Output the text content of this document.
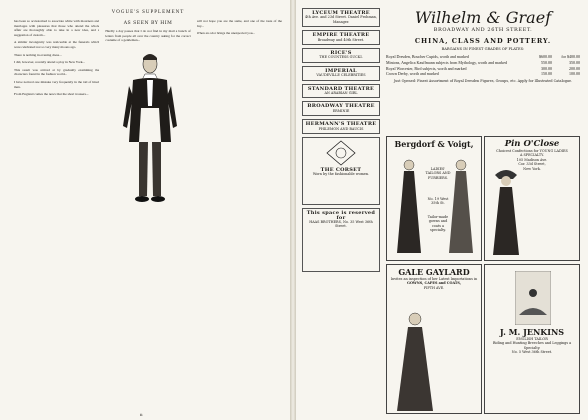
VOGUE'S SUPPLEMENT

has been so accustomed to associate white with mourners and marriages with pleasures that those who attend the whole affair are thoroughly able to take in a new idea, and a suggestion of custom...

A similar incongruity was noticeable at the funerals which were celebrated not so very many moons ago.

There is nothing in evening dress...

I did, however, recently attend a play in New York...

This result was arrived at by gradually examining the characters found in the fashion world...

I have noticed one mistake very frequently in the tail of hired men.

From England comes the news that the short trousers...

AS SEEN BY HIM

Hardly a day passes that I do not find in my mail a bunch of letters from people all over the country asking for the correct costume of a gentleman...

will not hope you are the same, and one of the taste of the day...

When an odor brings the unexpected you...

ii
LYCEUM THEATRE
4th Ave. and 23d Street. Daniel Frohman, Manager.
EMPIRE THEATRE
Broadway and 40th Street.
RICE'S
THE COUNTESS GUCKI.
IMPERIAL
VAUDEVILLE CELEBRITIES
STANDARD THEATRE
AN ARABIAN GIRL
BROADWAY THEATRE
ERMINIE
HERMANN'S THEATRE
PHILEMON AND BAUCIS
THE CORSET
Worn by the fashionable women.
This space is reserved for
HAAS BROTHERS, No. 35 West 36th Street.
Wilhelm & Graef
BROADWAY AND 26TH STREET.
CHINA, CLASS AND POTTERY.
BARGAINS IN FINEST GRADES OF PLATES:
Royal Dresden, Boucher Cupids, worth and marked	$600.00	for $400.00
Mintons, Angelica Kauffmann subjects from Mythology, worth and marked	550.00	350.00
Royal Worcester, Bird subjects, worth and marked	300.00	200.00
Crown Derby, worth and marked	150.00	100.00
Just Opened: Finest Assortment of Royal Dresden Figures, Groups, etc. Apply for Illustrated Catalogue.
Bergdorf & Voigt,
LADIES' TAILORS AND FURRIERS.
No. 19 West 35th St.
Tailor-made gowns and coats a specialty.
Pin O'Close
Choicest Confections for YOUNG LADIES
A SPECIALTY.
105 Madison Ave.
Cor. 33d Street,
New York.
GALE GAYLARD
Invites an inspection of her Latest Importations in
GOWNS, CAPES and COATS,
FIFTH AVE.
J. M. JENKINS
ENGLISH TAILOR
Riding and Hunting Breeches and Leggings a Specialty.
No. 5 West 36th Street.
